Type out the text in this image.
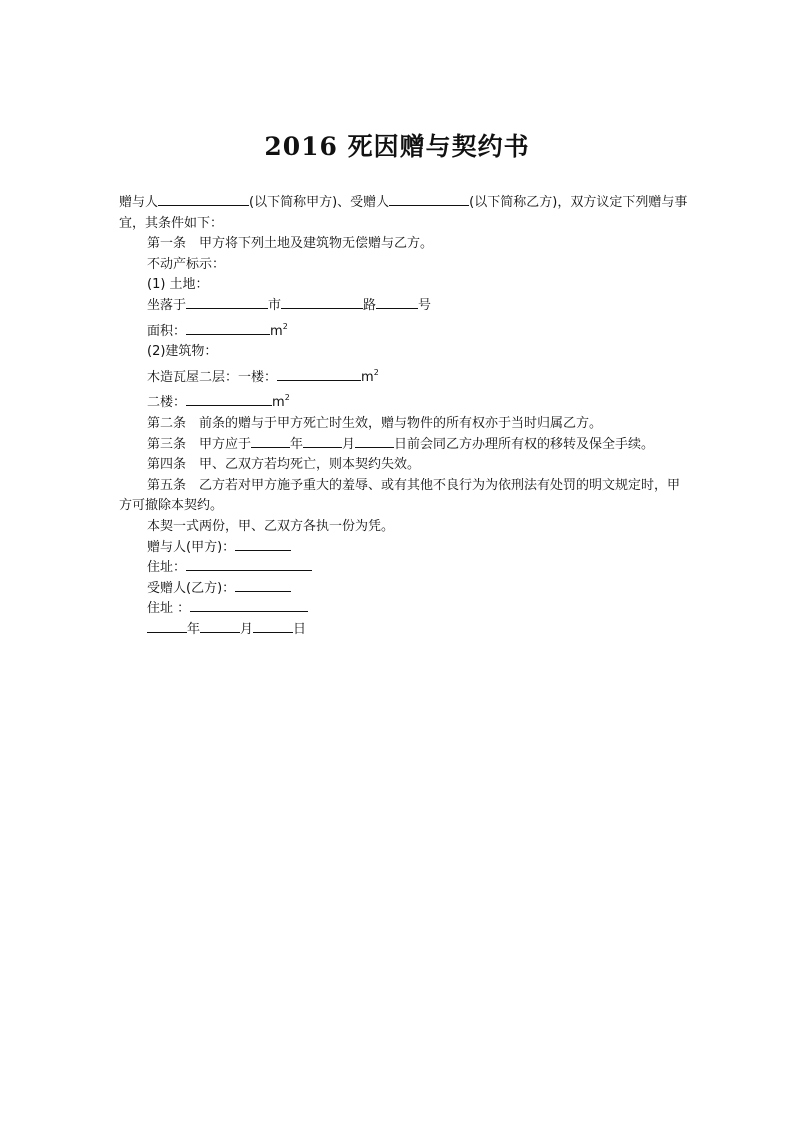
2016 死因赠与契约书
赠与人	(以下简称甲方)、受赠人	(以下简称乙方)，双方议定下列赠与事宜，其条件如下：
第一条　甲方将下列土地及建筑物无偿赠与乙方。
不动产标示：
(1) 土地：
坐落于	市	路	号
面积：	$m^2$
(2)建筑物：
木造瓦屋二层：一楼：	$m^2$
二楼：	$m^2$
第二条　前条的赠与于甲方死亡时生效，赠与物件的所有权亦于当时归属乙方。
第三条　甲方应于	年	月	日前会同乙方办理所有权的移转及保全手续。
第四条　甲、乙双方若均死亡，则本契约失效。
第五条　乙方若对甲方施予重大的羞辱、或有其他不良行为为依刑法有处罚的明文规定时，甲方可撤除本契约。
本契一式两份，甲、乙双方各执一份为凭。
赠与人(甲方)：
住址：
受赠人(乙方)：
住址 ：
年	月	日
